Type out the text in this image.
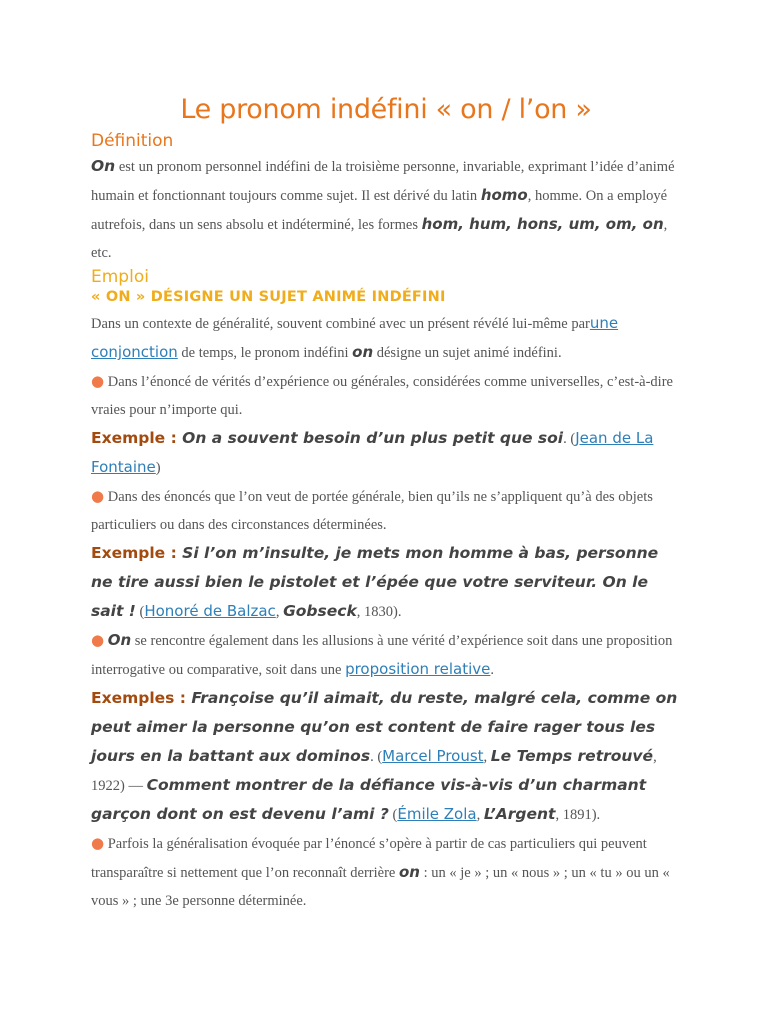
Le pronom indéfini « on / l’on »
Définition

On est un pronom personnel indéfini de la troisième personne, invariable, exprimant l’idée d’animé humain et fonctionnant toujours comme sujet. Il est dérivé du latin homo, homme. On a employé autrefois, dans un sens absolu et indéterminé, les formes hom, hum, hons, um, om, on, etc.

Emploi
« ON » DÉSIGNE UN SUJET ANIMÉ INDÉFINI

Dans un contexte de généralité, souvent combiné avec un présent révélé lui-même parune conjonction de temps, le pronom indéfini on désigne un sujet animé indéfini.

● Dans l’énoncé de vérités d’expérience ou générales, considérées comme universelles, c’est-à-dire vraies pour n’importe qui.

Exemple : On a souvent besoin d’un plus petit que soi. (Jean de La Fontaine)

● Dans des énoncés que l’on veut de portée générale, bien qu’ils ne s’appliquent qu’à des objets particuliers ou dans des circonstances déterminées.

Exemple : Si l’on m’insulte, je mets mon homme à bas, personne ne tire aussi bien le pistolet et l’épée que votre serviteur. On le sait ! (Honoré de Balzac, Gobseck, 1830).

● On se rencontre également dans les allusions à une vérité d’expérience soit dans une proposition interrogative ou comparative, soit dans une proposition relative.

Exemples : Françoise qu’il aimait, du reste, malgré cela, comme on peut aimer la personne qu’on est content de faire rager tous les jours en la battant aux dominos. (Marcel Proust, Le Temps retrouvé, 1922) — Comment montrer de la défiance vis-à-vis d’un charmant garçon dont on est devenu l’ami ? (Émile Zola, L’Argent, 1891).

● Parfois la généralisation évoquée par l’énoncé s’opère à partir de cas particuliers qui peuvent transparaître si nettement que l’on reconnaît derrière on : un « je » ; un « nous » ; un « tu » ou un « vous » ; une 3e personne déterminée.
